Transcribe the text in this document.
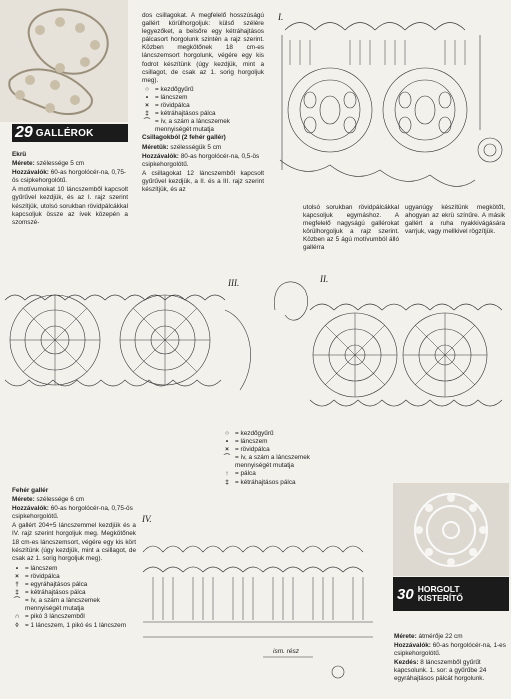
29 GALLÉROK

Ekrü

Mérete: szélessége 5 cm

Hozzávalók: 60-as horgolócér-na, 0,75-ös csipkehorgolótű.

A motívumokat 10 láncszemből kapcsolt gyűrűvel kezdjük, és az I. rajz szerint készítjük, utolsó sorukban rövidpálcákkal kapcsoljuk össze az ívek közepén a szomszé-

dos csillagokat. A megfelelő hosszúságú gallért körülhorgoljuk: külső szélére legyezőket, a belsőre egy kétráhajtásos pálcasort horgolunk szintén a rajz szerint. Közben megkötőnek 18 cm-es láncszemsort horgolunk, végére egy kis fodrot készítünk (úgy kezdjük, mint a csillagot, de csak az 1. sorig horgoljuk meg).

○ = kezdőgyűrű
•	= láncszem
× = rövidpálca
‡ = kétráhajtásos pálca
⌒ = ív, a szám a láncszemek mennyiségét mutatja

Csillagokból (2 fehér gallér)

Méretük: szélességük 5 cm

Hozzávalók: 80-as horgolócér-na, 0,5-ös csipkehorgolótű.

A csillagokat 12 láncszemből kapcsolt gyűrűvel kezdjük, a II. és a III. rajz szerint készítjük, és az

I.

utolsó sorukban rövidpálcákkal kapcsoljuk egymáshoz. A megfelelő nagyságú gallérokat körülhorgoljuk a rajz szerint. Közben az 5 ágú motívumból álló gallérra

ugyanúgy készítünk megkötőt, ahogyan az ekrü színűre. A másik gallért a ruha nyakkivágására varrjuk, vagy mellkivel rögzítjük.

III.	II.
○ = kezdőgyűrű
•	= láncszem
× = rövidpálca
⌒ = ív, a szám a láncszemek mennyiségét mutatja
↑	= pálca
‡ = kétráhajtásos pálca

Fehér gallér

Mérete: szélessége 6 cm

Hozzávalók: 60-as horgolócér-na, 0,75-ös csipkehorgolótű.

A gallért 204+5 láncszemmel kezdjük és a IV. rajz szerint horgoljuk meg. Megkötőnek 18 cm-es láncszemsort, végére egy kis kört készítünk (úgy kezdjük, mint a csillagot, de csak az 1. sorig horgoljuk meg).

•	= láncszem
× = rövidpálca
† = egyráhajtásos pálca
‡ = kétráhajtásos pálca
⌒ = ív, a szám a láncszemek mennyiségét mutatja
∩ = pikó 3 láncszemből
◊	= 1 láncszem, 1 pikó és 1 láncszem
IV.
ism. rész
30 HORGOLT
KISTERÍTŐ

Mérete: átmérője 22 cm

Hozzávalók: 60-as horgolócér-na, 1-es csipkehorgolótű.

Kezdés: 8 láncszemből gyűrűt kapcsolunk. 1. sor: a gyűrűbe 24 egyráhajtásos pálcát horgolunk.
